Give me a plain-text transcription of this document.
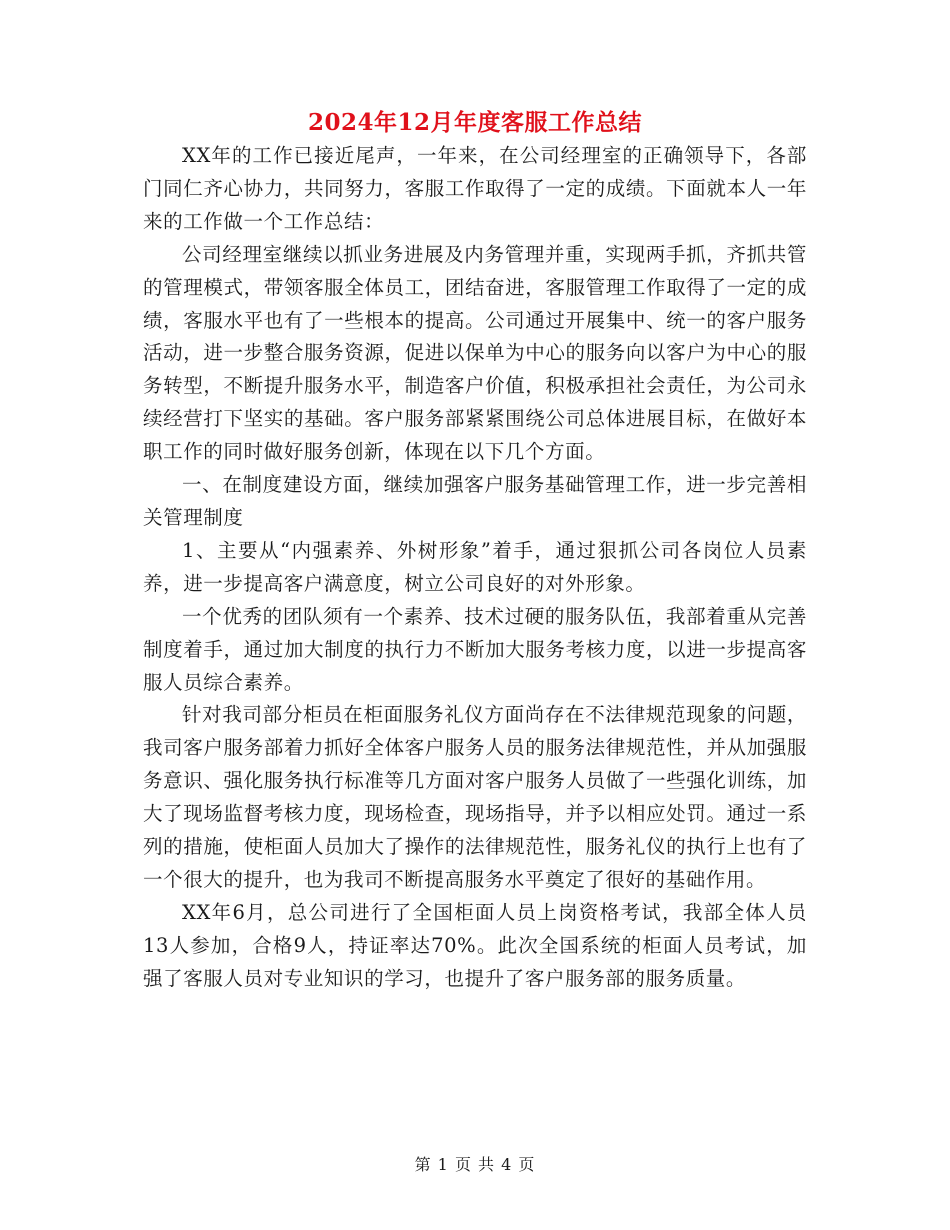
2024年12月年度客服工作总结

XX年的工作已接近尾声，一年来，在公司经理室的正确领导下，各部门同仁齐心协力，共同努力，客服工作取得了一定的成绩。下面就本人一年来的工作做一个工作总结：

公司经理室继续以抓业务进展及内务管理并重，实现两手抓，齐抓共管的管理模式，带领客服全体员工，团结奋进，客服管理工作取得了一定的成绩，客服水平也有了一些根本的提高。公司通过开展集中、统一的客户服务活动，进一步整合服务资源，促进以保单为中心的服务向以客户为中心的服务转型，不断提升服务水平，制造客户价值，积极承担社会责任，为公司永续经营打下坚实的基础。客户服务部紧紧围绕公司总体进展目标，在做好本职工作的同时做好服务创新，体现在以下几个方面。

一、在制度建设方面，继续加强客户服务基础管理工作，进一步完善相关管理制度

1、主要从“内强素养、外树形象”着手，通过狠抓公司各岗位人员素养，进一步提高客户满意度，树立公司良好的对外形象。

一个优秀的团队须有一个素养、技术过硬的服务队伍，我部着重从完善制度着手，通过加大制度的执行力不断加大服务考核力度，以进一步提高客服人员综合素养。

针对我司部分柜员在柜面服务礼仪方面尚存在不法律规范现象的问题，我司客户服务部着力抓好全体客户服务人员的服务法律规范性，并从加强服务意识、强化服务执行标准等几方面对客户服务人员做了一些强化训练，加大了现场监督考核力度，现场检查，现场指导，并予以相应处罚。通过一系列的措施，使柜面人员加大了操作的法律规范性，服务礼仪的执行上也有了一个很大的提升，也为我司不断提高服务水平奠定了很好的基础作用。

XX年6月，总公司进行了全国柜面人员上岗资格考试，我部全体人员13人参加，合格9人，持证率达70%。此次全国系统的柜面人员考试，加强了客服人员对专业知识的学习，也提升了客户服务部的服务质量。

第 1 页 共 4 页
